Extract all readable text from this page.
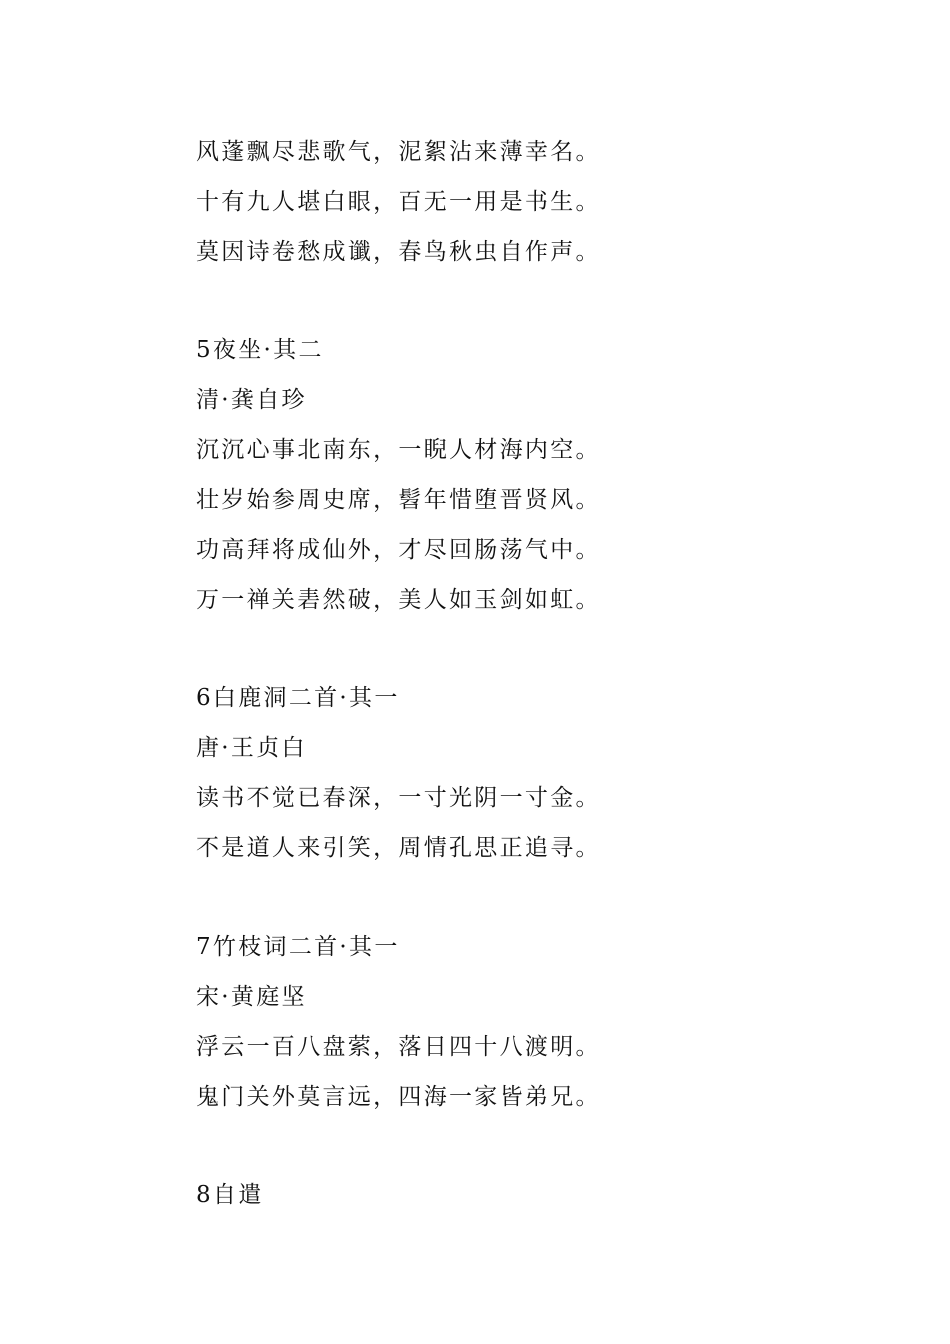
风蓬飘尽悲歌气，泥絮沾来薄幸名。
十有九人堪白眼，百无一用是书生。
莫因诗卷愁成谶，春鸟秋虫自作声。
5夜坐·其二
清·龚自珍
沉沉心事北南东，一睨人材海内空。
壮岁始参周史席，髫年惜堕晋贤风。
功高拜将成仙外，才尽回肠荡气中。
万一禅关砉然破，美人如玉剑如虹。
6白鹿洞二首·其一
唐·王贞白
读书不觉已春深，一寸光阴一寸金。
不是道人来引笑，周情孔思正追寻。
7竹枝词二首·其一
宋·黄庭坚
浮云一百八盘萦，落日四十八渡明。
鬼门关外莫言远，四海一家皆弟兄。
8自遣
